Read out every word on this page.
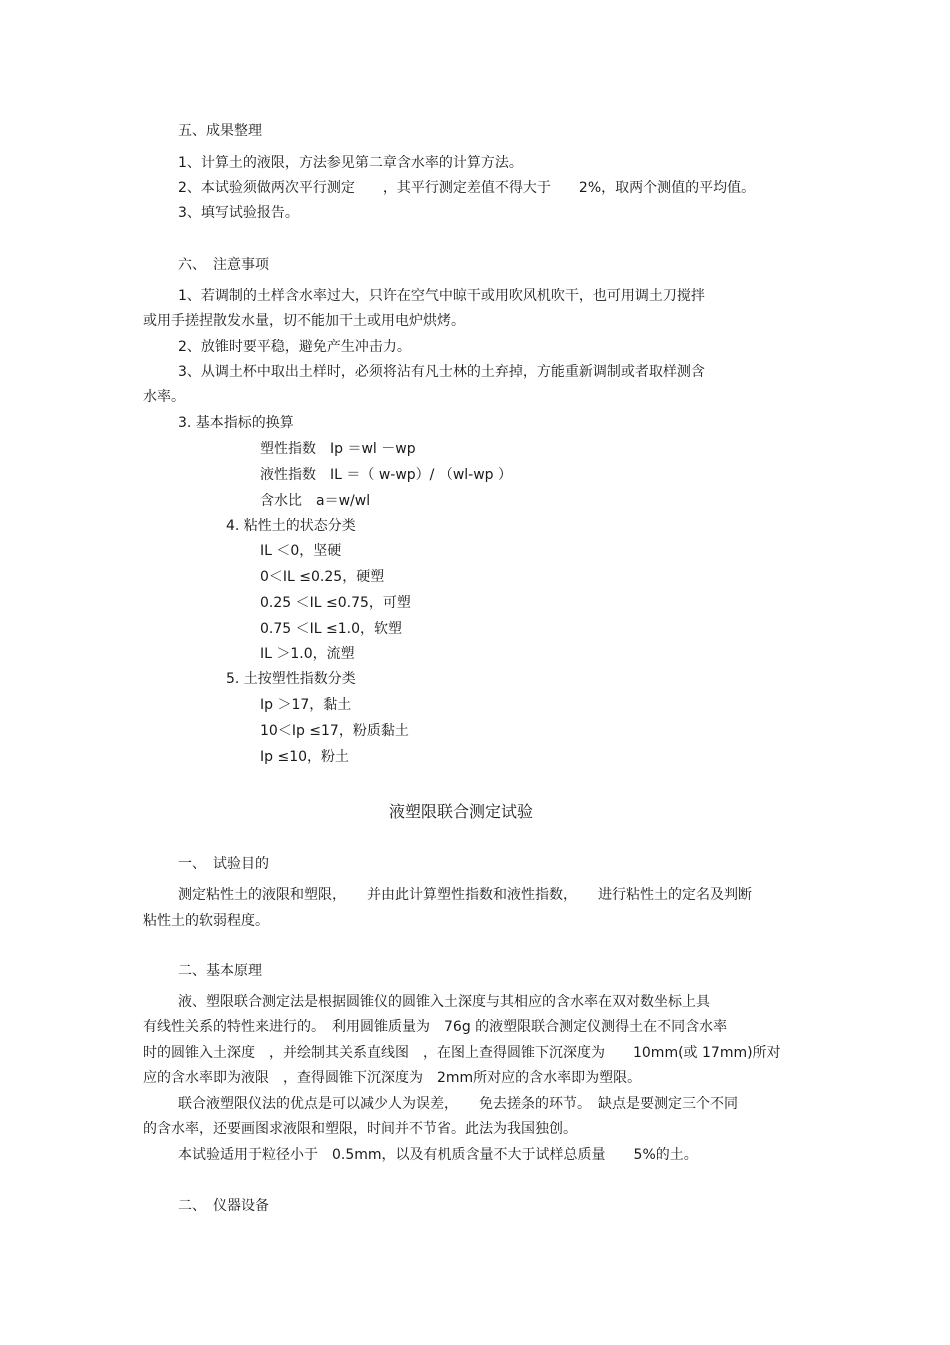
五、成果整理
1、计算土的液限，方法参见第二章含水率的计算方法。
2、本试验须做两次平行测定　　，其平行测定差值不得大于　　2%，取两个测值的平均值。
3、填写试验报告。
六、　注意事项
1、若调制的土样含水率过大，只许在空气中晾干或用吹风机吹干，也可用调土刀搅拌
或用手搓捏散发水量，切不能加干土或用电炉烘烤。
2、放锥时要平稳，避免产生冲击力。
3、从调土杯中取出土样时，必须将沾有凡士林的土弃掉，方能重新调制或者取样测含
水率。
3. 基本指标的换算
塑性指数　Ip ＝wl －wp
液性指数　IL ＝（ w-wp）/ （wl-wp ）
含水比　a＝w/wl
4. 粘性土的状态分类
IL ＜0，坚硬
0＜IL ≤0.25，硬塑
0.25 ＜IL ≤0.75，可塑
0.75 ＜IL ≤1.0，软塑
IL ＞1.0，流塑
5. 土按塑性指数分类
Ip ＞17，黏土
10＜Ip ≤17，粉质黏土
Ip ≤10，粉土
液塑限联合测定试验
一、　试验目的
测定粘性土的液限和塑限，　　并由此计算塑性指数和液性指数，　　进行粘性土的定名及判断
粘性土的软弱程度。
二、基本原理
液、塑限联合测定法是根据圆锥仪的圆锥入土深度与其相应的含水率在双对数坐标上具
有线性关系的特性来进行的。　利用圆锥质量为　76g 的液塑限联合测定仪测得土在不同含水率
时的圆锥入土深度　，并绘制其关系直线图　，在图上查得圆锥下沉深度为　　10mm(或 17mm)所对
应的含水率即为液限　，查得圆锥下沉深度为　2mm所对应的含水率即为塑限。
联合液塑限仪法的优点是可以减少人为误差，　　免去搓条的环节。　缺点是要测定三个不同
的含水率，还要画图求液限和塑限，时间并不节省。此法为我国独创。
本试验适用于粒径小于　0.5mm，以及有机质含量不大于试样总质量　　5%的土。
二、　仪器设备
